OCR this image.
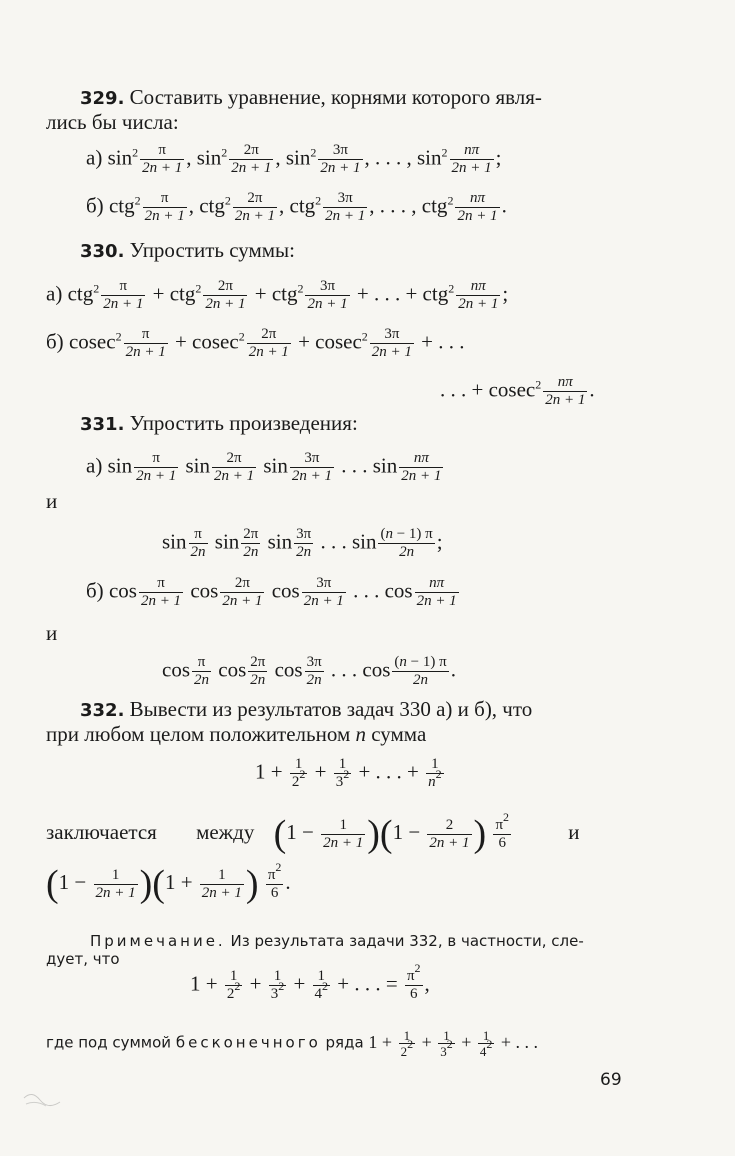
329. Составить уравнение, корнями которого явля-
лись бы числа:
а) $\sin^2 \frac{\pi}{2n + 1}$ , $\sin^2 \frac{2\pi}{2n + 1}$ , $\sin^2 \frac{3\pi}{2n + 1}$ , . . . , $\sin^2 \frac{n\pi}{2n + 1}$ ;
б) $ctg^2 \frac{\pi}{2n + 1}$ , $ctg^2 \frac{2\pi}{2n + 1}$ , $ctg^2 \frac{3\pi}{2n + 1}$ , . . . , $ctg^2 \frac{n\pi}{2n + 1}$ .
330. Упростить суммы:
а) $ctg^2 \frac{\pi}{2n + 1} + ctg^2 \frac{2\pi}{2n + 1} + ctg^2 \frac{3\pi}{2n + 1}$ + . . . + $ctg^2 \frac{n\pi}{2n + 1}$ ;
б) $cosec^2 \frac{\pi}{2n + 1} + cosec^2 \frac{2\pi}{2n + 1} + cosec^2 \frac{3\pi}{2n + 1}$ + . . .
. . . + $cosec^2 \frac{n\pi}{2n + 1}$ .
331. Упростить произведения:
а) $\sin \frac{\pi}{2n + 1}$ $\sin \frac{2\pi}{2n + 1}$ $\sin \frac{3\pi}{2n + 1}$ . . . $\sin \frac{n\pi}{2n + 1}$
и
$\sin \frac{\pi}{2n}$ $\sin \frac{2\pi}{2n}$ $\sin \frac{3\pi}{2n}$ . . . $\sin \frac{(n - 1) \pi}{2n}$ ;
б) $\cos \frac{\pi}{2n + 1}$ $\cos \frac{2\pi}{2n + 1}$ $\cos \frac{3\pi}{2n + 1}$ . . . $\cos \frac{n\pi}{2n + 1}$
и
$\cos \frac{\pi}{2n}$ $\cos \frac{2\pi}{2n}$ $\cos \frac{3\pi}{2n}$ . . . $\cos \frac{(n - 1) \pi}{2n}$ .
332. Вывести из результатов задач 330 а) и б), что
при любом целом положительном n сумма
$1 + \frac{1}{2^2} + \frac{1}{3^2}$ + . . . + $\frac{1}{n^2}$
заключается между $(1 - \frac{1}{2n + 1} )(1 - \frac{2}{2n + 1}$ ) $\frac{\pi^2}{6}$	и
$(1 - \frac{1}{2n + 1} )(1 + \frac{1}{2n + 1}$ ) $\frac{\pi^2}{6}$ .
Примечание. Из результата задачи 332, в частности, сле-
дует, что
$1 + \frac{1}{2^2} + \frac{1}{3^2} + \frac{1}{4^2}$ + . . . = $\frac{\pi^2}{6}$ ,
где под суммой бесконечного ряда $1 + \frac{1}{2^2} + \frac{1}{3^2} + \frac{1}{4^2}$ + . . .
69
